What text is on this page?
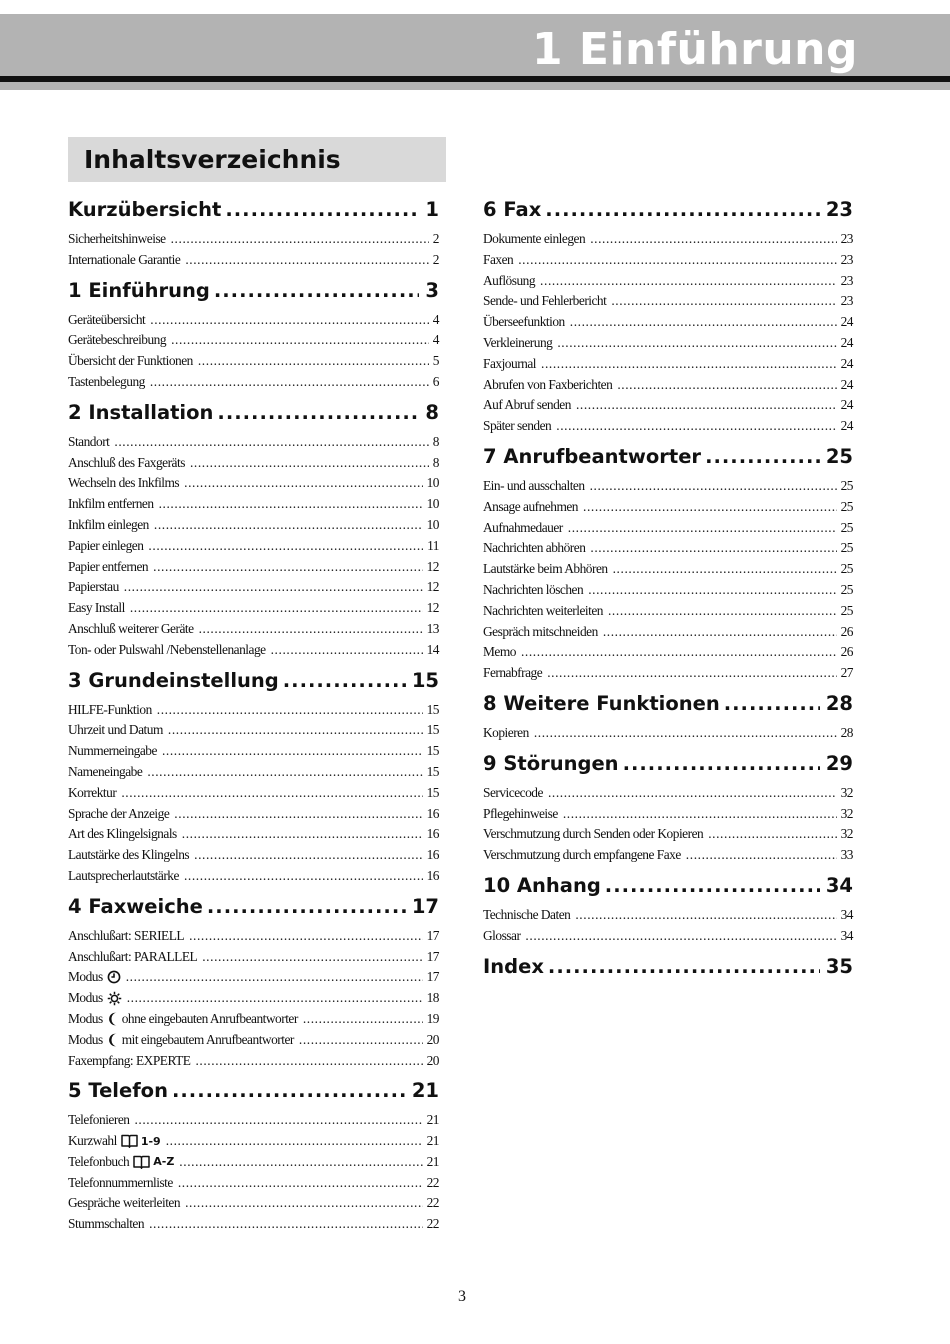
1 Einführung
Inhaltsverzeichnis
Kurzübersicht .....	1
Sicherheitshinweise .....	2
Internationale Garantie .....	2
1 Einführung .....	3
Geräteübersicht .....	4
Gerätebeschreibung .....	4
Übersicht der Funktionen .....	5
Tastenbelegung .....	6
2 Installation .....	8
Standort .....	8
Anschluß des Faxgeräts .....	8
Wechseln des Inkfilms .....	10
Inkfilm entfernen .....	10
Inkfilm einlegen .....	10
Papier einlegen .....	11
Papier entfernen .....	12
Papierstau .....	12
Easy Install .....	12
Anschluß weiterer Geräte .....	13
Ton- oder Pulswahl /Nebenstellenanlage .....	14
3 Grundeinstellung .....	15
HILFE-Funktion .....	15
Uhrzeit und Datum .....	15
Nummerneingabe .....	15
Nameneingabe .....	15
Korrektur .....	15
Sprache der Anzeige .....	16
Art des Klingelsignals .....	16
Lautstärke des Klingelns .....	16
Lautsprecherlautstärke .....	16
4 Faxweiche .....	17
Anschlußart: SERIELL .....	17
Anschlußart: PARALLEL .....	17
Modus .....	17
Modus .....	18
Modus ohne eingebauten Anrufbeantworter .....	19
Modus mit eingebautem Anrufbeantworter .....	20
Faxempfang: EXPERTE .....	20
5 Telefon .....	21
Telefonieren .....	21
Kurzwahl 1-9 .....	21
Telefonbuch A-Z .....	21
Telefonnummernliste .....	22
Gespräche weiterleiten .....	22
Stummschalten .....	22
6 Fax .....	23
Dokumente einlegen .....	23
Faxen .....	23
Auflösung .....	23
Sende- und Fehlerbericht .....	23
Überseefunktion .....	24
Verkleinerung .....	24
Faxjournal .....	24
Abrufen von Faxberichten .....	24
Auf Abruf senden .....	24
Später senden .....	24
7 Anrufbeantworter .....	25
Ein- und ausschalten .....	25
Ansage aufnehmen .....	25
Aufnahmedauer .....	25
Nachrichten abhören .....	25
Lautstärke beim Abhören .....	25
Nachrichten löschen .....	25
Nachrichten weiterleiten .....	25
Gespräch mitschneiden .....	26
Memo .....	26
Fernabfrage .....	27
8 Weitere Funktionen .....	28
Kopieren .....	28
9 Störungen .....	29
Servicecode .....	32
Pflegehinweise .....	32
Verschmutzung durch Senden oder Kopieren .....	32
Verschmutzung durch empfangene Faxe .....	33
10 Anhang .....	34
Technische Daten .....	34
Glossar .....	34
Index .....	35
3
